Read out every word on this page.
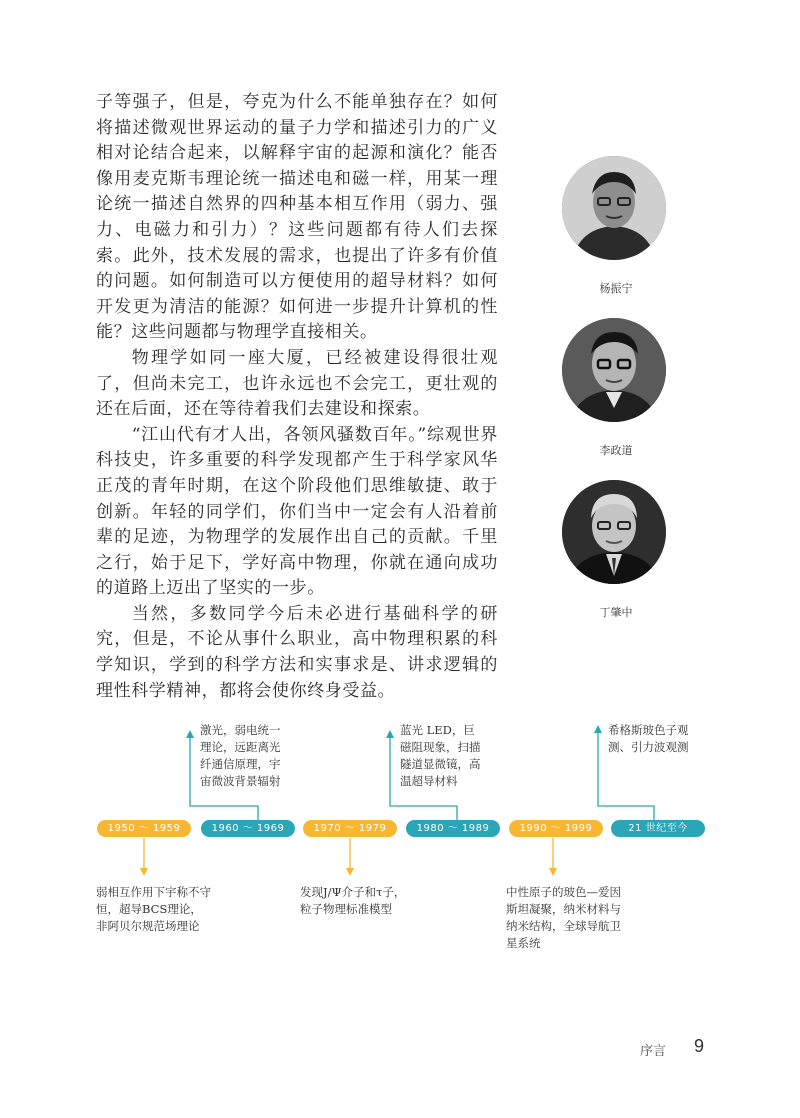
子等强子，但是，夸克为什么不能单独存在？如何将描述微观世界运动的量子力学和描述引力的广义相对论结合起来，以解释宇宙的起源和演化？能否像用麦克斯韦理论统一描述电和磁一样，用某一理论统一描述自然界的四种基本相互作用（弱力、强力、电磁力和引力）？这些问题都有待人们去探索。此外，技术发展的需求，也提出了许多有价值的问题。如何制造可以方便使用的超导材料？如何开发更为清洁的能源？如何进一步提升计算机的性能？这些问题都与物理学直接相关。

物理学如同一座大厦，已经被建设得很壮观了，但尚未完工，也许永远也不会完工，更壮观的还在后面，还在等待着我们去建设和探索。

“江山代有才人出，各领风骚数百年。”综观世界科技史，许多重要的科学发现都产生于科学家风华正茂的青年时期，在这个阶段他们思维敏捷、敢于创新。年轻的同学们，你们当中一定会有人沿着前辈的足迹，为物理学的发展作出自己的贡献。千里之行，始于足下，学好高中物理，你就在通向成功的道路上迈出了坚实的一步。

当然，多数同学今后未必进行基础科学的研究，但是，不论从事什么职业，高中物理积累的科学知识，学到的科学方法和实事求是、讲求逻辑的理性科学精神，都将会使你终身受益。

杨振宁
李政道
丁肇中
1950 ～ 1959	1960 ～ 1969	1970 ～ 1979	1980 ～ 1989	1990 ～ 1999	21 世纪至今
激光，弱电统一理论，远距离光纤通信原理，宇宙微波背景辐射
蓝光 LED，巨磁阻现象，扫描隧道显微镜，高温超导材料
希格斯玻色子观测、引力波观测
弱相互作用下宇称不守恒，超导BCS理论，非阿贝尔规范场理论
发现J/Ψ介子和τ子，粒子物理标准模型
中性原子的玻色—爱因斯坦凝聚，纳米材料与纳米结构，全球导航卫星系统
序言 9
